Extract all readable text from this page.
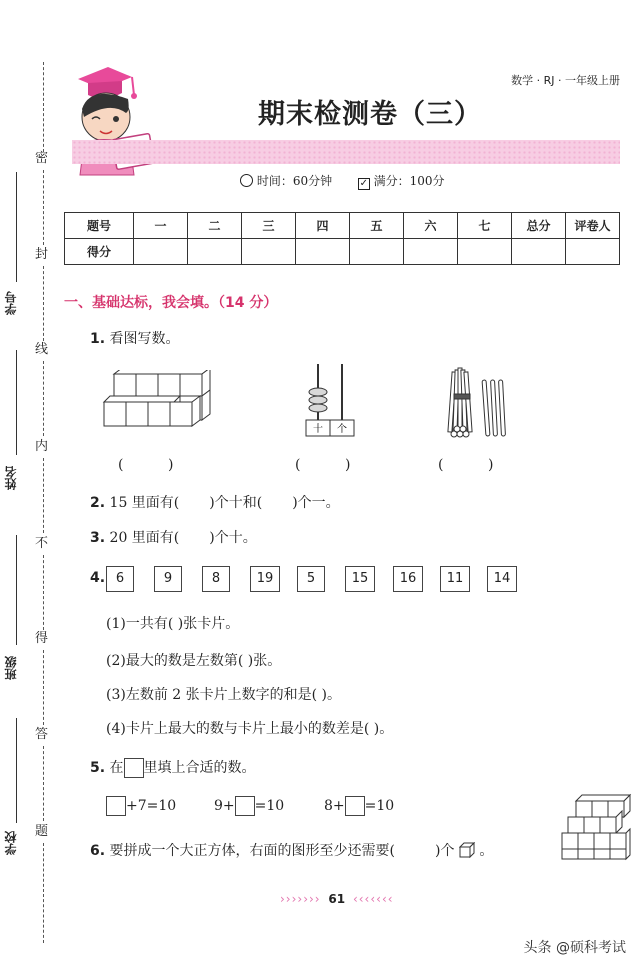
密
封
线
内
不
得
答
题
学号
姓名
班级
学校
数学 · RJ · 一年级上册
期末检测卷（三）
时间：60分钟	✓ 满分：100分
题号	一	二	三	四	五	六	七	总分	评卷人
得分									
一、基础达标，我会填。（14 分）
1. 看图写数。
十 个
(          )	(          )	(          )
2. 15 里面有( )个十和( )个一。
3. 20 里面有( )个十。
4. 6	9	8	19	5	15	16	11	14
(1)一共有( )张卡片。
(2)最大的数是左数第( )张。
(3)左数前 2 张卡片上数字的和是( )。
(4)卡片上最大的数与卡片上最小的数差是( )。
5. 在 里填上合适的数。
+7=10	9+ =10	8+ =10
6. 要拼成一个大正方体，右面的图形至少还需要(	)个 。
››››››› 61 ‹‹‹‹‹‹‹
头条 @硕科考试
